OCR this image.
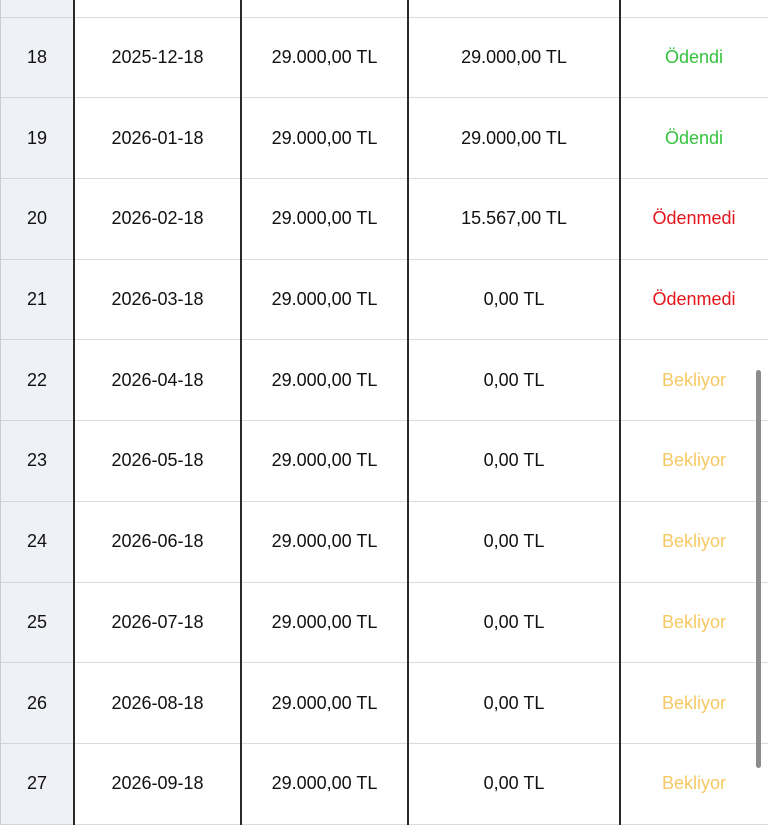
18	2025-12-18	29.000,00 TL	29.000,00 TL	Ödendi
19	2026-01-18	29.000,00 TL	29.000,00 TL	Ödendi
20	2026-02-18	29.000,00 TL	15.567,00 TL	Ödenmedi
21	2026-03-18	29.000,00 TL	0,00 TL	Ödenmedi
22	2026-04-18	29.000,00 TL	0,00 TL	Bekliyor
23	2026-05-18	29.000,00 TL	0,00 TL	Bekliyor
24	2026-06-18	29.000,00 TL	0,00 TL	Bekliyor
25	2026-07-18	29.000,00 TL	0,00 TL	Bekliyor
26	2026-08-18	29.000,00 TL	0,00 TL	Bekliyor
27	2026-09-18	29.000,00 TL	0,00 TL	Bekliyor
